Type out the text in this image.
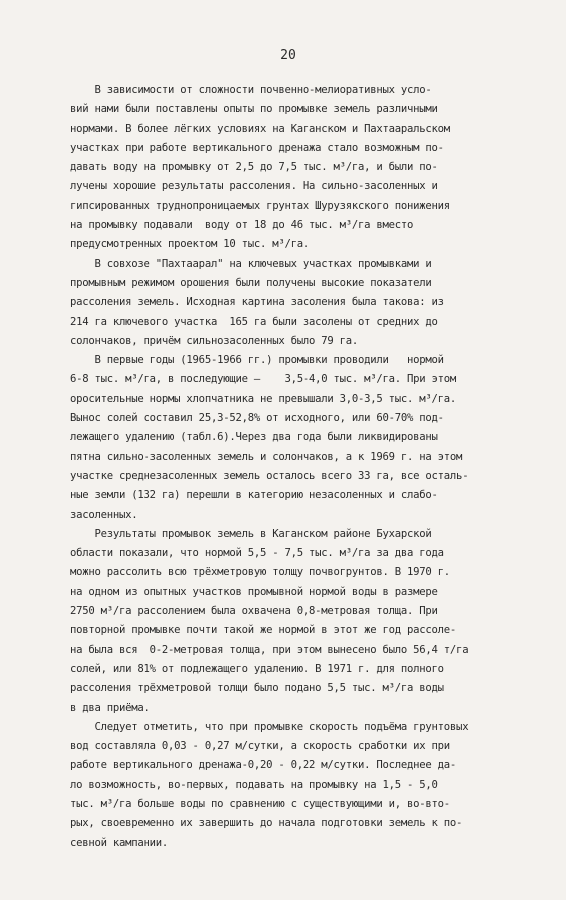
20
В зависимости от сложности почвенно-мелиоративных усло-
вий нами были поставлены опыты по промывке земель различными
нормами. В более лёгких условиях на Каганском и Пахтааральском
участках при работе вертикального дренажа стало возможным по-
давать воду на промывку от 2,5 до 7,5 тыс. м³/га, и были по-
лучены хорошие результаты рассоления. На сильно-засоленных и
гипсированных труднопроницаемых грунтах Шурузякского понижения
на промывку подавали  воду от 18 до 46 тыс. м³/га вместо
предусмотренных проектом 10 тыс. м³/га.
В совхозе "Пахтаарал" на ключевых участках промывками и
промывным режимом орошения были получены высокие показатели
рассоления земель. Исходная картина засоления была такова: из
214 га ключевого участка  165 га были засолены от средних до
солончаков, причём сильнозасоленных было 79 га.
В первые годы (1965-1966 гг.) промывки проводили   нормой
6-8 тыс. м³/га, в последующие —    3,5-4,0 тыс. м³/га. При этом
оросительные нормы хлопчатника не превышали 3,0-3,5 тыс. м³/га.
Вынос солей составил 25,3-52,8% от исходного, или 60-70% под-
лежащего удалению (табл.6).Через два года были ликвидированы
пятна сильно-засоленных земель и солончаков, а к 1969 г. на этом
участке среднезасоленных земель осталось всего 33 га, все осталь-
ные земли (132 га) перешли в категорию незасоленных и слабо-
засоленных.
Результаты промывок земель в Каганском районе Бухарской
области показали, что нормой 5,5 - 7,5 тыс. м³/га за два года
можно рассолить всю трёхметровую толщу почвогрунтов. В 1970 г.
на одном из опытных участков промывной нормой воды в размере
2750 м³/га рассолением была охвачена 0,8-метровая толща. При
повторной промывке почти такой же нормой в этот же год рассоле-
на была вся  0-2-метровая толща, при этом вынесено было 56,4 т/га
солей, или 81% от подлежащего удалению. В 1971 г. для полного
рассоления трёхметровой толщи было подано 5,5 тыс. м³/га воды
в два приёма.
Следует отметить, что при промывке скорость подъёма грунтовых
вод составляла 0,03 - 0,27 м/сутки, а скорость сработки их при
работе вертикального дренажа-0,20 - 0,22 м/сутки. Последнее да-
ло возможность, во-первых, подавать на промывку на 1,5 - 5,0
тыс. м³/га больше воды по сравнению с существующими и, во-вто-
рых, своевременно их завершить до начала подготовки земель к по-
севной кампании.
